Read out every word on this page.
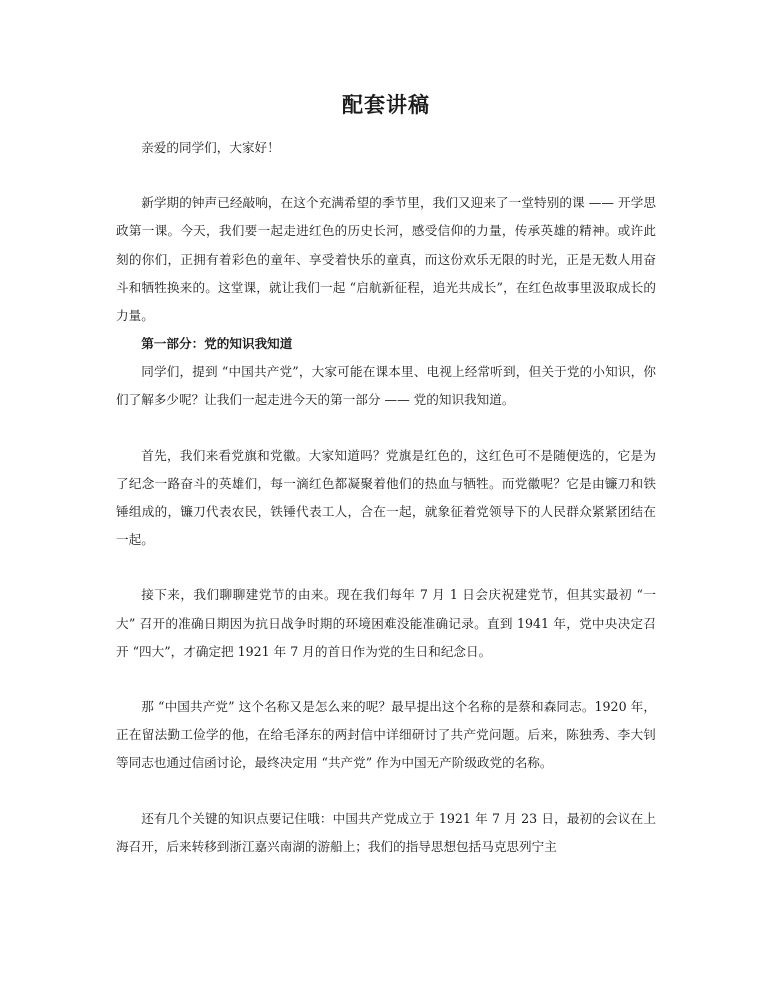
配套讲稿

亲爱的同学们，大家好！

新学期的钟声已经敲响，在这个充满希望的季节里，我们又迎来了一堂特别的课 —— 开学思政第一课。今天，我们要一起走进红色的历史长河，感受信仰的力量，传承英雄的精神。或许此刻的你们，正拥有着彩色的童年、享受着快乐的童真，而这份欢乐无限的时光，正是无数人用奋斗和牺牲换来的。这堂课，就让我们一起 “启航新征程，追光共成长”，在红色故事里汲取成长的力量。

第一部分：党的知识我知道

同学们，提到 “中国共产党”，大家可能在课本里、电视上经常听到，但关于党的小知识，你们了解多少呢？让我们一起走进今天的第一部分 —— 党的知识我知道。

首先，我们来看党旗和党徽。大家知道吗？党旗是红色的，这红色可不是随便选的，它是为了纪念一路奋斗的英雄们，每一滴红色都凝聚着他们的热血与牺牲。而党徽呢？它是由镰刀和铁锤组成的，镰刀代表农民，铁锤代表工人，合在一起，就象征着党领导下的人民群众紧紧团结在一起。

接下来，我们聊聊建党节的由来。现在我们每年 7 月 1 日会庆祝建党节，但其实最初 “一大” 召开的准确日期因为抗日战争时期的环境困难没能准确记录。直到 1941 年，党中央决定召开 “四大”，才确定把 1921 年 7 月的首日作为党的生日和纪念日。

那 “中国共产党” 这个名称又是怎么来的呢？最早提出这个名称的是蔡和森同志。1920 年，正在留法勤工俭学的他，在给毛泽东的两封信中详细研讨了共产党问题。后来，陈独秀、李大钊等同志也通过信函讨论，最终决定用 “共产党” 作为中国无产阶级政党的名称。

还有几个关键的知识点要记住哦：中国共产党成立于 1921 年 7 月 23 日，最初的会议在上海召开，后来转移到浙江嘉兴南湖的游船上；我们的指导思想包括马克思列宁主
